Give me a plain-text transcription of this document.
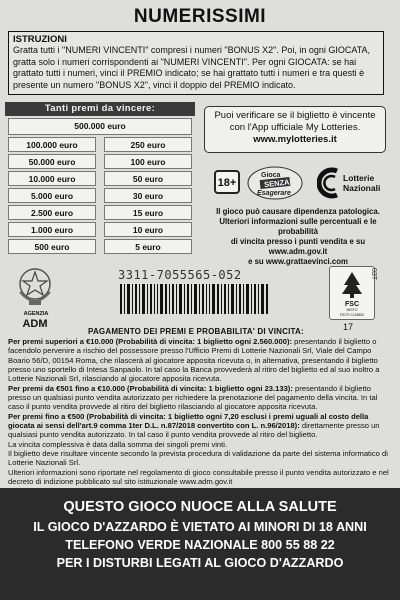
NUMERISSIMI
ISTRUZIONI
Gratta tutti i "NUMERI VINCENTI" compresi i numeri "BONUS X2". Poi, in ogni GIOCATA, gratta solo i numeri corrispondenti ai "NUMERI VINCENTI". Per ogni GIOCATA: se hai grattato tutti i numeri, vinci il PREMIO indicato; se hai grattato tutti i numeri e tra questi è presente un numero "BONUS X2", vinci il doppio del PREMIO indicato.
Tanti premi da vincere:
500.000 euro
100.000 euro	250 euro
50.000 euro	100 euro
10.000 euro	50 euro
5.000 euro	30 euro
2.500 euro	15 euro
1.000 euro	10 euro
500 euro	5 euro
Puoi verificare se il biglietto è vincente
con l'App ufficiale My Lotteries.
www.mylotteries.it
18+
Gioca
SENZA
Esagerare
Lotterie
Nazionali
Il gioco può causare dipendenza patologica.
Ulteriori informazioni sulle percentuali e le probabilità
di vincita presso i punti vendita e su www.adm.gov.it
e su www.grattaevinci.com
AGENZIA
ADM
3311-7055565-052
FSC
MISTO
FSC® C118852
17
03T
PAGAMENTO DEI PREMI E PROBABILITA' DI VINCITA:

Per premi superiori a €10.000 (Probabilità di vincita: 1 biglietto ogni 2.560.000): presentando il biglietto o facendolo pervenire a rischio del possessore presso l'Ufficio Premi di Lotterie Nazionali Srl, Viale del Campo Boario 56/D, 00154 Roma, che rilascerà al giocatore apposita ricevuta o, in alternativa, presentando il biglietto presso uno sportello di Intesa Sanpaolo. In tal caso la Banca provvederà al ritiro del biglietto ed al suo inoltro a Lotterie Nazionali Srl, rilasciando al giocatore apposita ricevuta.

Per premi da €501 fino a €10.000 (Probabilità di vincita: 1 biglietto ogni 23.133): presentando il biglietto presso un qualsiasi punto vendita autorizzato per richiedere la prenotazione del pagamento della vincita. In tal caso il punto vendita provvede al ritiro del biglietto rilasciando al giocatore apposita ricevuta.

Per premi fino a €500 (Probabilità di vincita: 1 biglietto ogni 7,20 esclusi i premi uguali al costo della giocata ai sensi dell'art.9 comma 1ter D.L. n.87/2018 convertito con L. n.96/2018): direttamente presso un qualsiasi punto vendita autorizzato. In tal caso il punto vendita provvede al ritiro del biglietto.

La vincita complessiva è data dalla somma dei singoli premi vinti.

Il biglietto deve risultare vincente secondo la prevista procedura di validazione da parte del sistema informatico di Lotterie Nazionali Srl.

Ulteriori informazioni sono riportate nel regolamento di gioco consultabile presso il punto vendita autorizzato e nel decreto di indizione pubblicato sul sito istituzionale www.adm.gov.it

QUESTO GIOCO NUOCE ALLA SALUTE
IL GIOCO D'AZZARDO È VIETATO AI MINORI DI 18 ANNI
TELEFONO VERDE NAZIONALE 800 55 88 22
PER I DISTURBI LEGATI AL GIOCO D'AZZARDO
